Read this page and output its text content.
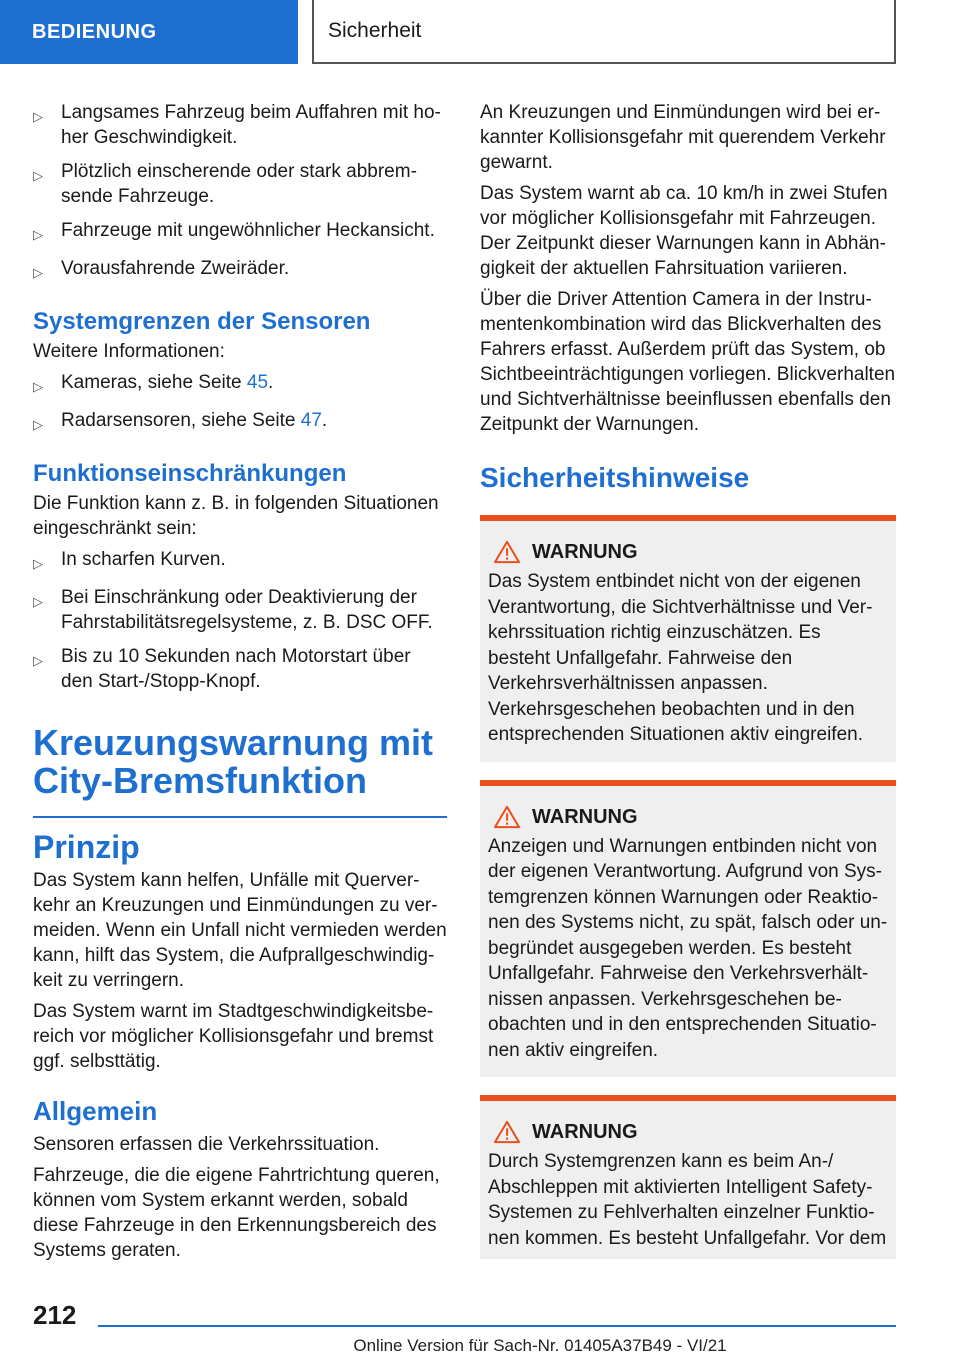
BEDIENUNG	Sicherheit
▷ Langsames Fahrzeug beim Auffahren mit hoher Geschwindigkeit.
▷ Plötzlich einscherende oder stark abbremsende Fahrzeuge.
▷ Fahrzeuge mit ungewöhnlicher Heckansicht.
▷ Vorausfahrende Zweiräder.
Systemgrenzen der Sensoren
Weitere Informationen:
▷ Kameras, siehe Seite 45.
▷ Radarsensoren, siehe Seite 47.
Funktionseinschränkungen
Die Funktion kann z. B. in folgenden Situationen eingeschränkt sein:
▷ In scharfen Kurven.
▷ Bei Einschränkung oder Deaktivierung der Fahrstabilitätsregelsysteme, z. B. DSC OFF.
▷ Bis zu 10 Sekunden nach Motorstart über den Start-/Stopp-Knopf.
Kreuzungswarnung mit
City-Bremsfunktion
Prinzip
Das System kann helfen, Unfälle mit Querverkehr an Kreuzungen und Einmündungen zu vermeiden. Wenn ein Unfall nicht vermieden werden kann, hilft das System, die Aufprallgeschwindigkeit zu verringern.
Das System warnt im Stadtgeschwindigkeitsbereich vor möglicher Kollisionsgefahr und bremst ggf. selbsttätig.
Allgemein
Sensoren erfassen die Verkehrssituation.
Fahrzeuge, die die eigene Fahrtrichtung queren, können vom System erkannt werden, sobald diese Fahrzeuge in den Erkennungsbereich des Systems geraten.
An Kreuzungen und Einmündungen wird bei erkannter Kollisionsgefahr mit querendem Verkehr gewarnt.
Das System warnt ab ca. 10 km/h in zwei Stufen vor möglicher Kollisionsgefahr mit Fahrzeugen. Der Zeitpunkt dieser Warnungen kann in Abhängigkeit der aktuellen Fahrsituation variieren.
Über die Driver Attention Camera in der Instrumentenkombination wird das Blickverhalten des Fahrers erfasst. Außerdem prüft das System, ob Sichtbeeinträchtigungen vorliegen. Blickverhalten und Sichtverhältnisse beeinflussen ebenfalls den Zeitpunkt der Warnungen.
Sicherheitshinweise
WARNUNG
Das System entbindet nicht von der eigenen Verantwortung, die Sichtverhältnisse und Verkehrssituation richtig einzuschätzen. Es besteht Unfallgefahr. Fahrweise den Verkehrsverhältnissen anpassen. Verkehrsgeschehen beobachten und in den entsprechenden Situationen aktiv eingreifen.
WARNUNG
Anzeigen und Warnungen entbinden nicht von der eigenen Verantwortung. Aufgrund von Systemgrenzen können Warnungen oder Reaktionen des Systems nicht, zu spät, falsch oder unbegründet ausgegeben werden. Es besteht Unfallgefahr. Fahrweise den Verkehrsverhältnissen anpassen. Verkehrsgeschehen beobachten und in den entsprechenden Situationen aktiv eingreifen.
WARNUNG
Durch Systemgrenzen kann es beim An-/ Abschleppen mit aktivierten Intelligent Safety-Systemen zu Fehlverhalten einzelner Funktionen kommen. Es besteht Unfallgefahr. Vor dem
212
Online Version für Sach-Nr. 01405A37B49 - VI/21
